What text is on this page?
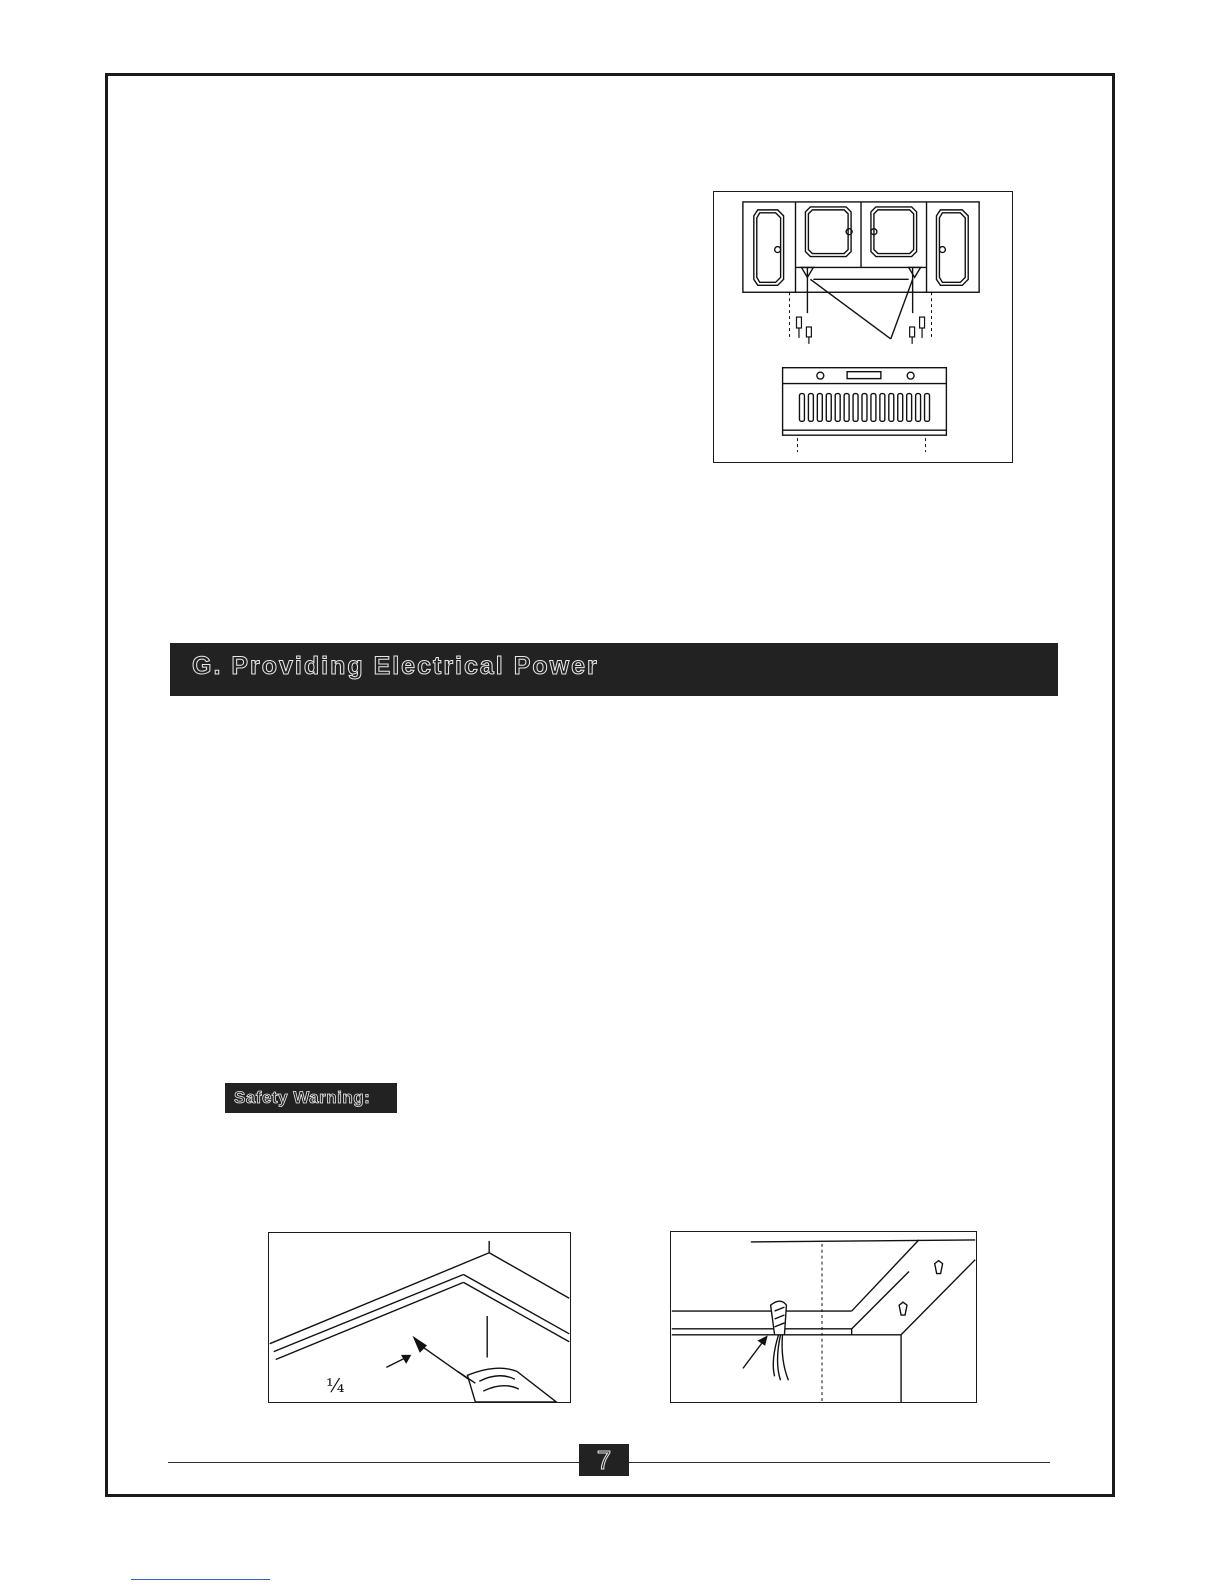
G. Providing Electrical Power
Safety Warning:
¼
7
